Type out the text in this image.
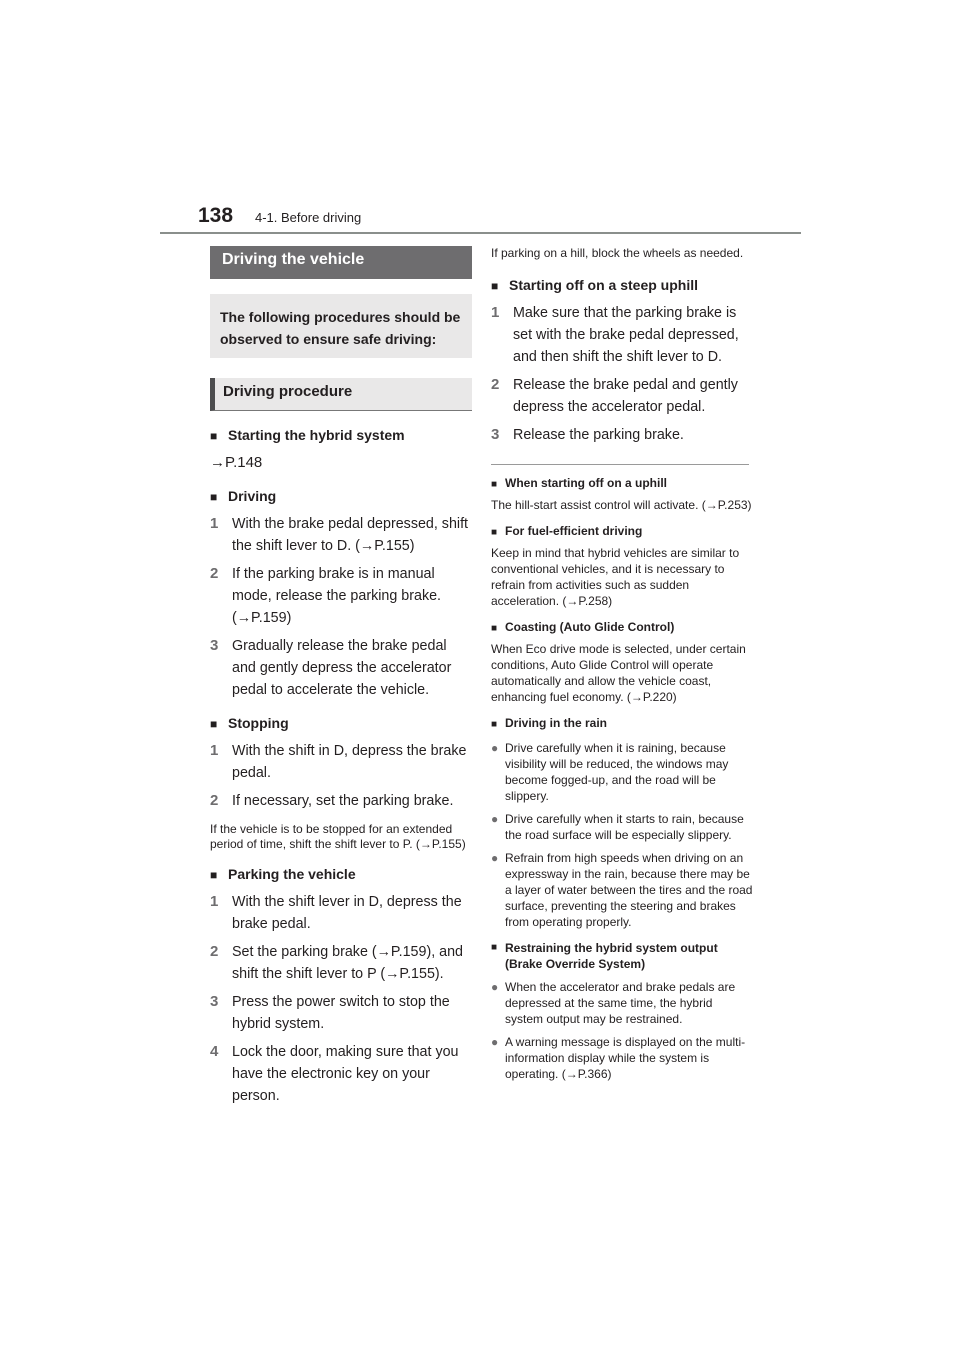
138 4-1. Before driving
Driving the vehicle
The following procedures should be observed to ensure safe driving:
Driving procedure
■ Starting the hybrid system
→P.148
■ Driving
1 With the brake pedal depressed, shift the shift lever to D. (→P.155)
2 If the parking brake is in manual mode, release the parking brake. (→P.159)
3 Gradually release the brake pedal and gently depress the accelerator pedal to accelerate the vehicle.
■ Stopping
1 With the shift in D, depress the brake pedal.
2 If necessary, set the parking brake.
If the vehicle is to be stopped for an extended period of time, shift the shift lever to P. (→P.155)
■ Parking the vehicle
1 With the shift lever in D, depress the brake pedal.
2 Set the parking brake (→P.159), and shift the shift lever to P (→P.155).
3 Press the power switch to stop the hybrid system.
4 Lock the door, making sure that you have the electronic key on your person.
If parking on a hill, block the wheels as needed.
■ Starting off on a steep uphill
1 Make sure that the parking brake is set with the brake pedal depressed, and then shift the shift lever to D.
2 Release the brake pedal and gently depress the accelerator pedal.
3 Release the parking brake.
■ When starting off on a uphill
The hill-start assist control will activate. (→P.253)
■ For fuel-efficient driving
Keep in mind that hybrid vehicles are similar to conventional vehicles, and it is necessary to refrain from activities such as sudden acceleration. (→P.258)
■ Coasting (Auto Glide Control)
When Eco drive mode is selected, under certain conditions, Auto Glide Control will operate automatically and allow the vehicle coast, enhancing fuel economy. (→P.220)
■ Driving in the rain
● Drive carefully when it is raining, because visibility will be reduced, the windows may become fogged-up, and the road will be slippery.
● Drive carefully when it starts to rain, because the road surface will be especially slippery.
● Refrain from high speeds when driving on an expressway in the rain, because there may be a layer of water between the tires and the road surface, preventing the steering and brakes from operating properly.
■ Restraining the hybrid system output (Brake Override System)
● When the accelerator and brake pedals are depressed at the same time, the hybrid system output may be restrained.
● A warning message is displayed on the multi-information display while the system is operating. (→P.366)
